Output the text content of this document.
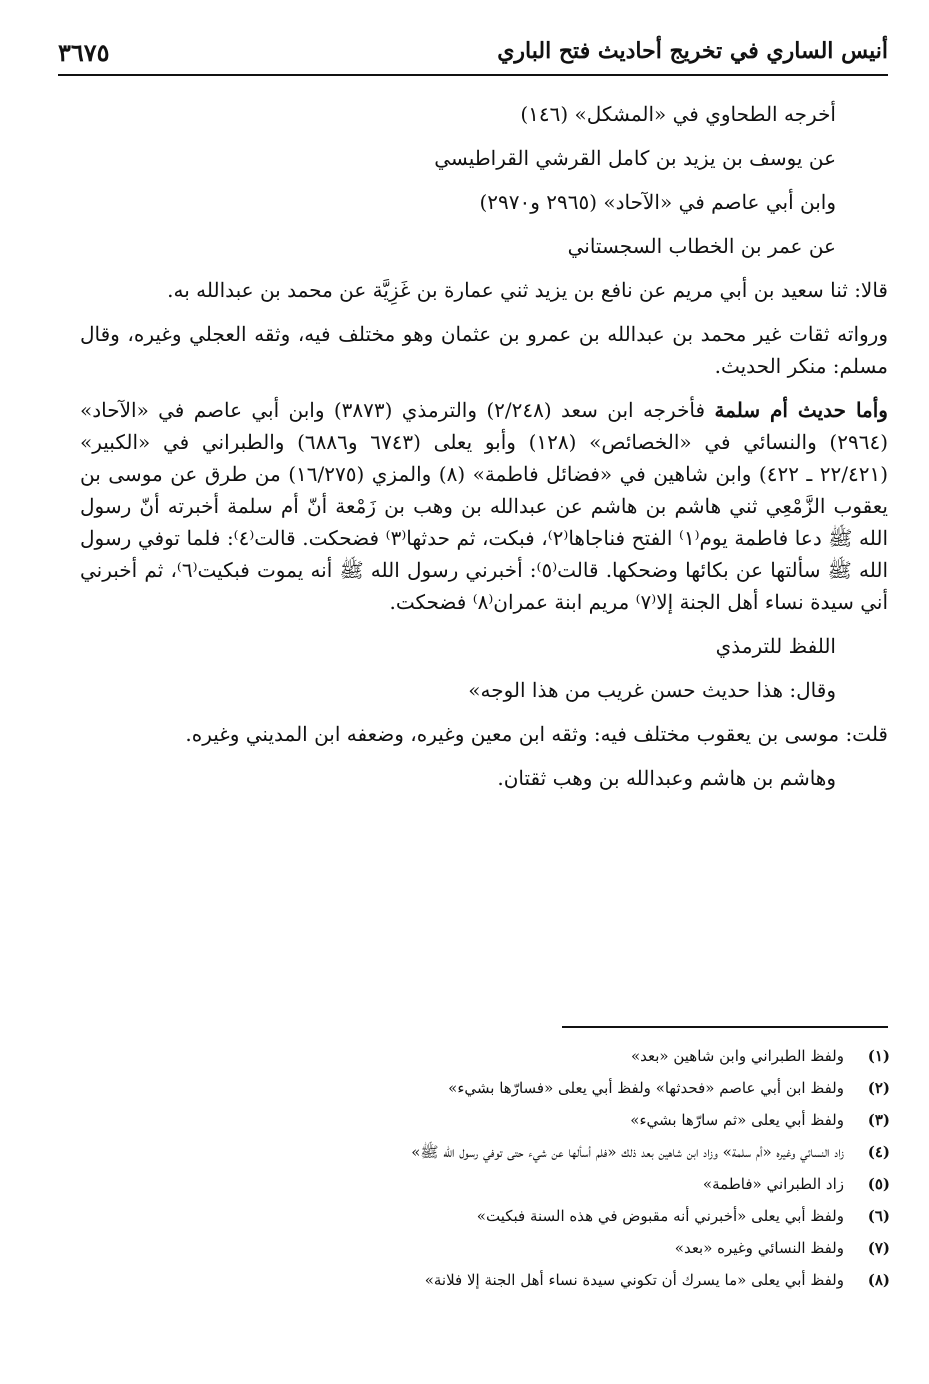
أنيس الساري في تخريج أحاديث فتح الباري
٣٦٧٥

أخرجه الطحاوي في «المشكل» (١٤٦)

عن يوسف بن يزيد بن كامل القرشي القراطيسي

وابن أبي عاصم في «الآحاد» (٢٩٦٥ و٢٩٧٠)

عن عمر بن الخطاب السجستاني

قالا: ثنا سعيد بن أبي مريم عن نافع بن يزيد ثني عمارة بن غَزِيَّة عن محمد بن عبدالله به.

ورواته ثقات غير محمد بن عبدالله بن عمرو بن عثمان وهو مختلف فيه، وثقه العجلي وغيره، وقال مسلم: منكر الحديث.

وأما حديث أم سلمة فأخرجه ابن سعد (٢/٢٤٨) والترمذي (٣٨٧٣) وابن أبي عاصم في «الآحاد» (٢٩٦٤) والنسائي في «الخصائص» (١٢٨) وأبو يعلى (٦٧٤٣ و٦٨٨٦) والطبراني في «الكبير» (٢٢/٤٢١ ـ ٤٢٢) وابن شاهين في «فضائل فاطمة» (٨) والمزي (١٦/٢٧٥) من طرق عن موسى بن يعقوب الزَّمْعِي ثني هاشم بن هاشم عن عبدالله بن وهب بن زَمْعة أنّ أم سلمة أخبرته أنّ رسول الله ﷺ دعا فاطمة يوم⁽١⁾ الفتح فناجاها⁽٢⁾، فبكت، ثم حدثها⁽٣⁾ فضحكت. قالت⁽٤⁾: فلما توفي رسول الله ﷺ سألتها عن بكائها وضحكها. قالت⁽٥⁾: أخبرني رسول الله ﷺ أنه يموت فبكيت⁽٦⁾، ثم أخبرني أني سيدة نساء أهل الجنة إلا⁽٧⁾ مريم ابنة عمران⁽٨⁾ فضحكت.

اللفظ للترمذي

وقال: هذا حديث حسن غريب من هذا الوجه»

قلت: موسى بن يعقوب مختلف فيه: وثقه ابن معين وغيره، وضعفه ابن المديني وغيره.

وهاشم بن هاشم وعبدالله بن وهب ثقتان.

(١)
ولفظ الطبراني وابن شاهين «بعد»
(٢)
ولفظ ابن أبي عاصم «فحدثها» ولفظ أبي يعلى «فسارّها بشيء»
(٣)
ولفظ أبي يعلى «ثم سارّها بشيء»
(٤)
زاد النسائي وغيره «أم سلمة» وزاد ابن شاهين بعد ذلك «فلم أسألها عن شيء حتى توفي رسول الله ﷺ»
(٥)
زاد الطبراني «فاطمة»
(٦)
ولفظ أبي يعلى «أخبرني أنه مقبوض في هذه السنة فبكيت»
(٧)
ولفظ النسائي وغيره «بعد»
(٨)
ولفظ أبي يعلى «ما يسرك أن تكوني سيدة نساء أهل الجنة إلا فلانة»
